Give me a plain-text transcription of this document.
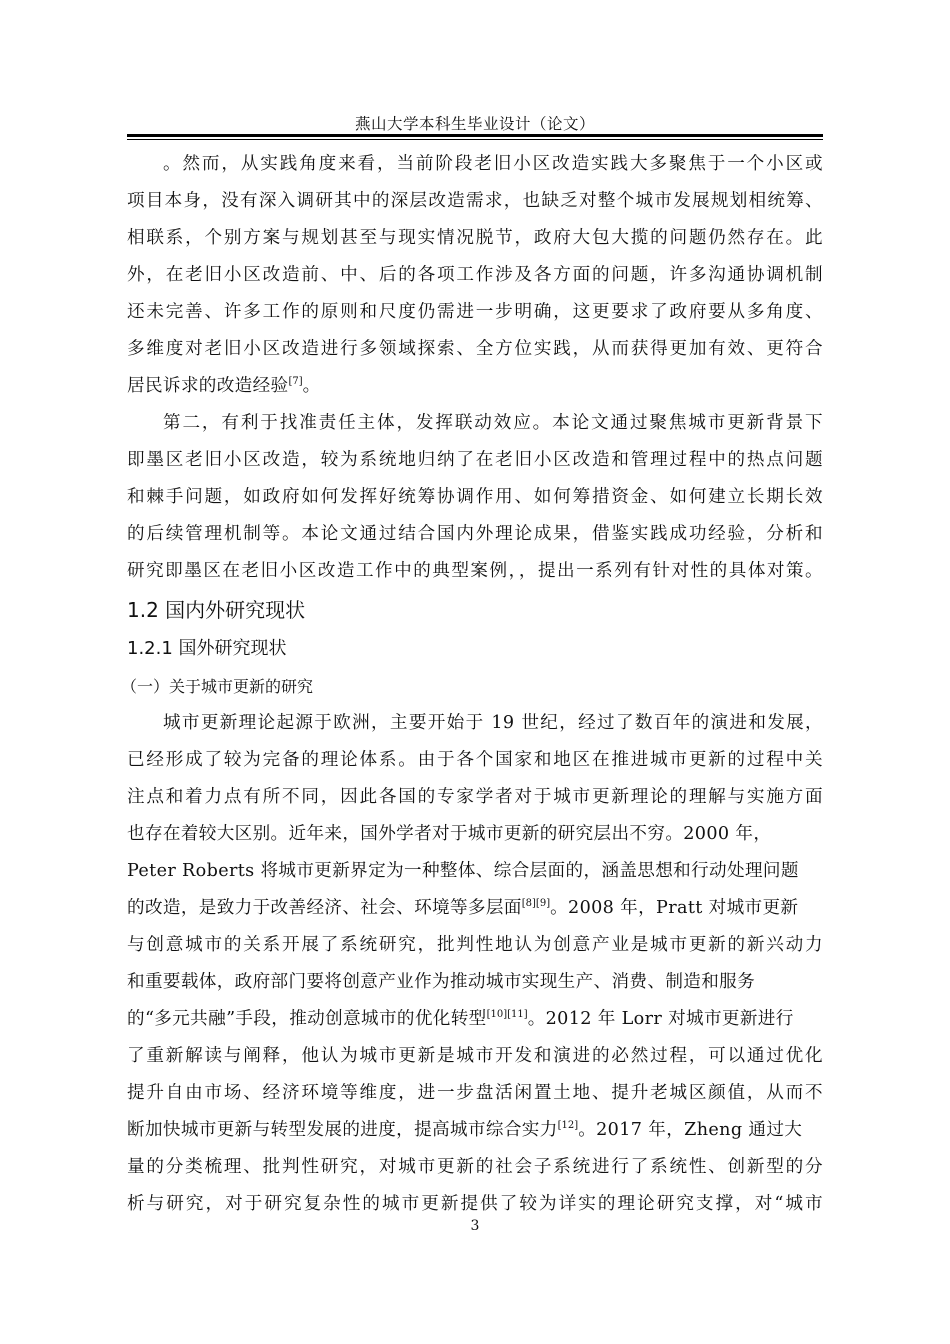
燕山大学本科生毕业设计（论文）
。然而，从实践角度来看，当前阶段老旧小区改造实践大多聚焦于一个小区或
项目本身，没有深入调研其中的深层改造需求，也缺乏对整个城市发展规划相统筹、
相联系，个别方案与规划甚至与现实情况脱节，政府大包大揽的问题仍然存在。此
外，在老旧小区改造前、中、后的各项工作涉及各方面的问题，许多沟通协调机制
还未完善、许多工作的原则和尺度仍需进一步明确，这更要求了政府要从多角度、
多维度对老旧小区改造进行多领域探索、全方位实践，从而获得更加有效、更符合
居民诉求的改造经验[7]。
第二，有利于找准责任主体，发挥联动效应。本论文通过聚焦城市更新背景下
即墨区老旧小区改造，较为系统地归纳了在老旧小区改造和管理过程中的热点问题
和棘手问题，如政府如何发挥好统筹协调作用、如何筹措资金、如何建立长期长效
的后续管理机制等。本论文通过结合国内外理论成果，借鉴实践成功经验，分析和
研究即墨区在老旧小区改造工作中的典型案例，，提出一系列有针对性的具体对策。
1.2 国内外研究现状
1.2.1 国外研究现状
（一）关于城市更新的研究
城市更新理论起源于欧洲，主要开始于 19 世纪，经过了数百年的演进和发展，
已经形成了较为完备的理论体系。由于各个国家和地区在推进城市更新的过程中关
注点和着力点有所不同，因此各国的专家学者对于城市更新理论的理解与实施方面
也存在着较大区别。近年来，国外学者对于城市更新的研究层出不穷。2000 年，
Peter Roberts 将城市更新界定为一种整体、综合层面的，涵盖思想和行动处理问题
的改造，是致力于改善经济、社会、环境等多层面[8][9]。2008 年，Pratt 对城市更新
与创意城市的关系开展了系统研究，批判性地认为创意产业是城市更新的新兴动力
和重要载体，政府部门要将创意产业作为推动城市实现生产、消费、制造和服务
的“多元共融”手段，推动创意城市的优化转型[10][11]。2012 年 Lorr 对城市更新进行
了重新解读与阐释，他认为城市更新是城市开发和演进的必然过程，可以通过优化
提升自由市场、经济环境等维度，进一步盘活闲置土地、提升老城区颜值，从而不
断加快城市更新与转型发展的进度，提高城市综合实力[12]。2017 年，Zheng 通过大
量的分类梳理、批判性研究，对城市更新的社会子系统进行了系统性、创新型的分
析与研究，对于研究复杂性的城市更新提供了较为详实的理论研究支撑，对“城市
3
